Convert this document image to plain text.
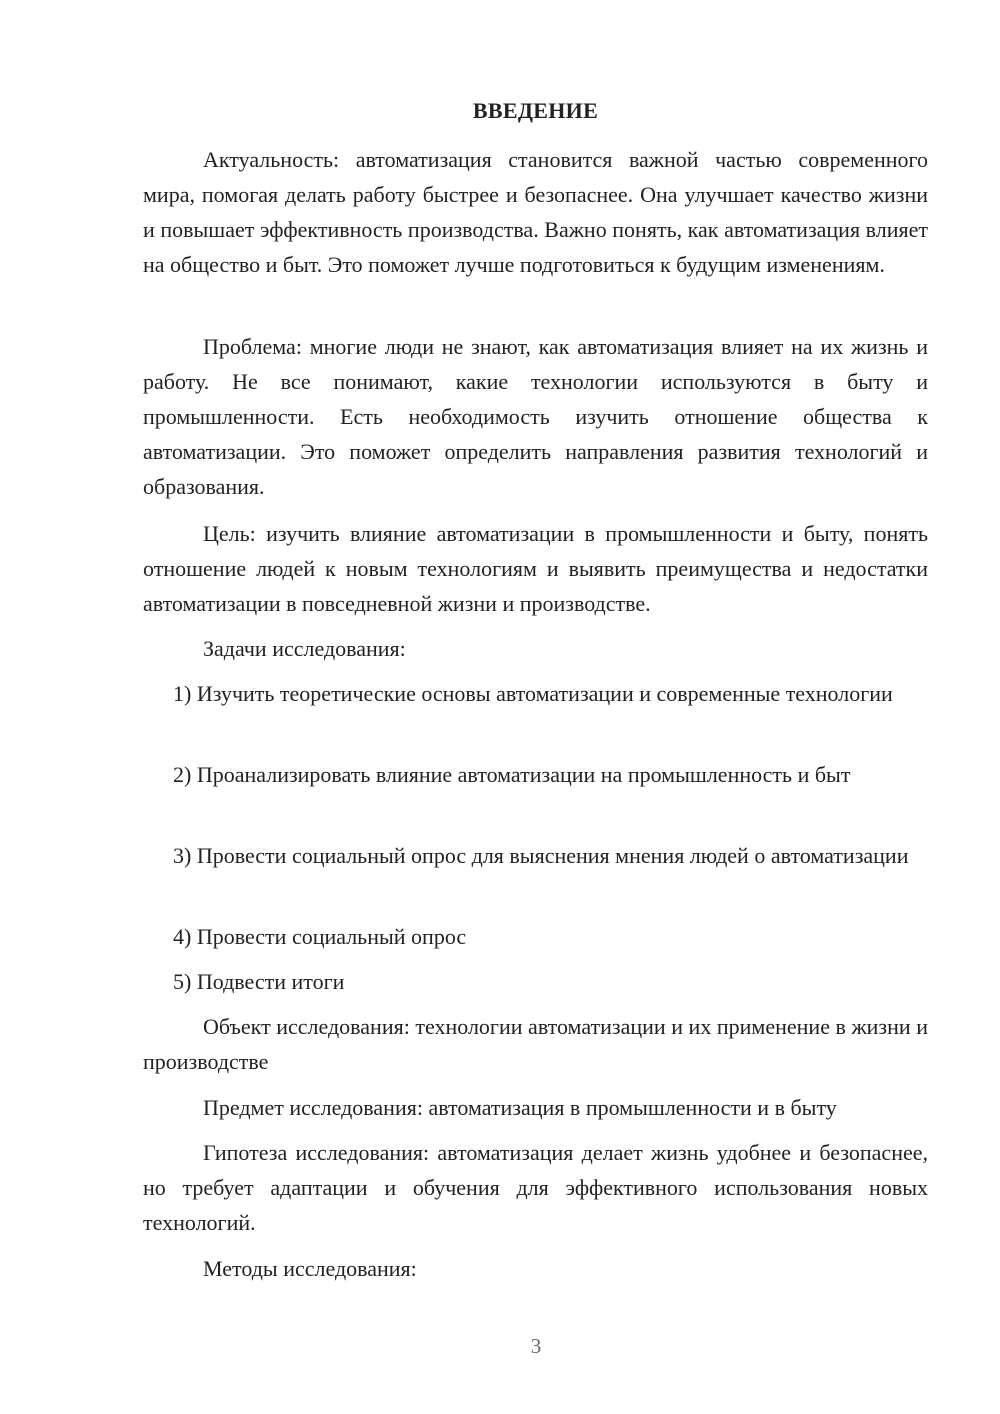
ВВЕДЕНИЕ

Актуальность: автоматизация становится важной частью современного мира, помогая делать работу быстрее и безопаснее. Она улучшает качество жизни и повышает эффективность производства. Важно понять, как автоматизация влияет на общество и быт. Это поможет лучше подготовиться к будущим изменениям.

Проблема: многие люди не знают, как автоматизация влияет на их жизнь и работу. Не все понимают, какие технологии используются в быту и промышленности. Есть необходимость изучить отношение общества к автоматизации. Это поможет определить направления развития технологий и образования.

Цель: изучить влияние автоматизации в промышленности и быту, понять отношение людей к новым технологиям и выявить преимущества и недостатки автоматизации в повседневной жизни и производстве.

Задачи исследования:

1) Изучить теоретические основы автоматизации и современные технологии

2) Проанализировать влияние автоматизации на промышленность и быт

3) Провести социальный опрос для выяснения мнения людей о автоматизации

4) Провести социальный опрос

5) Подвести итоги

Объект исследования: технологии автоматизации и их применение в жизни и производстве

Предмет исследования: автоматизация в промышленности и в быту

Гипотеза исследования: автоматизация делает жизнь удобнее и безопаснее, но требует адаптации и обучения для эффективного использования новых технологий.

Методы исследования:

3
